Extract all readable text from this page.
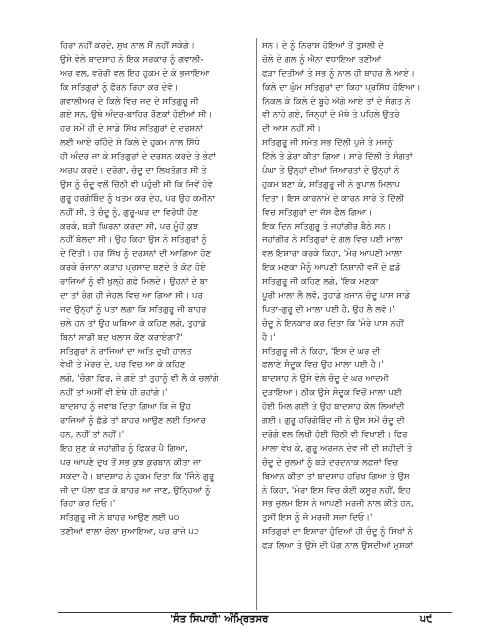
ਹਿਰਾ ਨਹੀਂ ਕਰਦੇ, ਸੁਖ ਨਾਲ ਸੌਂ ਨਹੀਂ ਸਕੇਗੇ।
ਉਸੇ ਵੇਲੇ ਬਾਦਸ਼ਾਹ ਨੇ ਇਕ ਸਰਕਾਰ ਨੂੰ ਗਵਾਲੀ-
ਅਰ ਵਲ, ਵਰੋਰੀ ਵਲ ਇਹ ਹੁਕਮ ਦੇ ਕੇ ਭਜਾਇਆ
ਕਿ ਸਤਿਗੁਰਾਂ ਨੂੰ ਫੌਰਨ ਰਿਹਾ ਕਰ ਦੇਵੋ।
ਗਵਾਲੀਅਰ ਦੇ ਕਿਲੇ ਵਿਚ ਜਦ ਦੇ ਸਤਿਗੁਰੂ ਜੀ
ਗਏ ਸਨ, ਉਥੇ ਅੰਦਰ-ਬਾਹਿਰ ਰੌਣਕਾਂ ਹੋਈਆਂ ਸੀ।
ਹਰ ਸਮੇਂ ਹੀ ਦੇ ਸਾਡੇ ਸਿੱਖ ਸਤਿਗੁਰਾਂ ਦੇ ਦਰਸ਼ਨਾਂ
ਲਈ ਆਏ ਰਹਿੰਦੇ ਸੇ ਕਿਲੇ ਦੇ ਹੁਕਮ ਨਾਲ ਸਿੱਧੇ
ਹੀ ਅੰਦਰ ਜਾ ਕੇ ਸਤਿਗੁਰਾਂ ਦੇ ਦਰਸ਼ਨ ਕਰਦੇ ਤੇ ਭੇਟਾਂ
ਅਰਪ ਕਰਦੇ। ਦਰੋਗਾ, ਚੰਦੂ ਦਾ ਲਿਖਤੋਗਤ ਸੀ ਤੇ
ਉਸ ਨੂੰ ਚੰਦੂ ਵਲੋਂ ਚਿੱਠੀ ਵੀ ਪਹੁੰਚੀ ਸੀ ਕਿ ਜਿਵੇਂ ਹੋਵੇ
ਗੁਰੂ ਹਰਗੋਬਿੰਦ ਨੂੰ ਖ਼ਤਮ ਕਰ ਦੇਹ, ਪਰ ਉਹ ਕਮੀਨਾ
ਨਹੀਂ ਸੀ, ਤੇ ਚੰਦੂ ਨੂੰ, ਗੁਰੂ-ਘਰ ਦਾ ਵਿਰੋਧੀ ਹੋਣ
ਕਰਕੇ, ਬੜੀ ਘਿਰਨਾ ਕਰਦਾ ਸੀ, ਪਰ ਮੂੰਹੋਂ ਕੁਝ
ਨਹੀਂ ਬੋਲਦਾ ਸੀ। ਉਹ ਕਿਹਾ ਉਸ ਨੇ ਸਤਿਗੁਰਾਂ ਨੂੰ
ਦੇ ਦਿੱਤੀ। ਹਰ ਸਿੱਖ ਨੂੰ ਦਰਸ਼ਨਾਂ ਦੀ ਆਗਿਆ ਹੋਣ
ਕਰਕੇ ਰੋਜ਼ਾਨਾ ਕੜਾਹ ਪ੍ਰਸਾਦ ਬਣਦੇ ਤੇ ਕੋਟ ਹੋਏ
ਰਾਜਿਆਂ ਨੂੰ ਵੀ ਖੁਲ੍ਹੇ ਗਫੇ ਮਿਲਦੇ। ਉਹਨਾਂ ਦੇ ਬਾ
ਦਾ ਤਾਂ ਰੰਗ ਹੀ ਜੇਹਲ ਵਿਚ ਆ ਗਿਆ ਸੀ। ਪਰ
ਜਦ ਉਨ੍ਹਾਂ ਨੂੰ ਪਤਾ ਲਗਾ ਕਿ ਸਤਿਗੁਰੂ ਜੀ ਬਾਹਰ
ਚਲੇ ਹਨ ਤਾਂ ਉਹ ਘਬਿਆ ਕੇ ਕਹਿਣ ਲਗੇ, ਤੁਹਾਡੇ
ਬਿਨਾਂ ਸਾਡੀ ਬਦ ਖਲਾਸ ਕੌਣ ਕਰਾਏਗਾ?'
ਸਤਿਗੁਰਾਂ ਨੇ ਰਾਜਿਆਂ ਦਾ ਅਤਿ ਦੁਖੀ ਹਾਲਤ
ਵੇਖੀ ਤੇ ਮੇਰਚ ਦੇ, ਪਰ ਵਿਚ ਆ ਕੇ ਕਹਿਣ
ਲਗੇ, 'ਚੰਗਾ ਫਿਰ, ਜੇ ਗਏ ਤਾਂ ਤੁਹਾਨੂੰ ਵੀ ਲੈ ਕੇ ਚਲਾਂਗੇ
ਨਹੀਂ ਤਾਂ ਅਸੀਂ ਵੀ ਏਥੇ ਹੀ ਰਹਾਂਗੇ।'
ਬਾਦਸ਼ਾਹ ਨੂੰ ਜਵਾਬ ਦਿਤਾ ਗਿਆ ਕਿ ਜੇ ਉਹ
ਰਾਜਿਆਂ ਨੂੰ ਛੱਡੇ ਤਾਂ ਬਾਹਰ ਆਉਣ ਲਈ ਤਿਆਰ
ਹਨ, ਨਹੀਂ ਤਾਂ ਨਹੀਂ।'
ਇਹ ਸੁਣ ਕੇ ਜਹਾਂਗੀਰ ਨੂੰ ਫਿਕਰ ਪੈ ਗਿਆ,
ਪਰ ਆਪਣੇ ਦੁਖ ਤੋਂ ਸਭ ਕੁਝ ਕੁਰਬਾਨ ਕੀਤਾ ਜਾ
ਸਕਦਾ ਹੈ। ਬਾਦਸ਼ਾਹ ਨੇ ਹੁਕਮ ਦਿਤਾ ਕਿ 'ਜਿੰਨੇ ਗੁਰੂ
ਜੀ ਦਾ ਪੱਲਾ ਫੜ ਕੇ ਬਾਹਰ ਆ ਜਾਣ, ਉਨ੍ਹਿਆਂ ਨੂੰ
ਰਿਹਾ ਕਰ ਦਿਓ।'
ਸਤਿਗੁਰੂ ਜੀ ਨੇ ਬਾਹਰ ਆਉਣ ਲਈ ੫੦
ਤਣੀਆਂ ਵਾਲਾ ਚੋਲਾ ਸੁਆਇਆ, ਪਰ ਰਾਜੇ ੫੨
ਸਨ। ਦੇ ਨੂੰ ਨਿਰਾਸ਼ ਹੋਇਆਂ ਤੋਂ ਤੁਸਲੀ ਦੇ
ਚੋਲੇ ਦੇ ਗਲ ਨੂੰ ਐਨਾ ਵਧਾਇਆ ਤਣੀਆਂ
ਫੜਾ ਦਿਤੀਆਂ ਤੇ ਸਭ ਨੂੰ ਨਾਲ ਹੀ ਬਾਹਰ ਲੈ ਆਏ।
ਕਿਲੇ ਦਾ ਘੁੰਮ ਸਤਿਗੁਰਾਂ ਦਾ ਕਿਹਾ ਪ੍ਰਸਿੱਧ ਹੋਇਆ।
ਨਿਕਲ ਕੇ ਕਿਲੇ ਦੇ ਬੂਹੇ ਅੱਗੇ ਆਏ ਤਾਂ ਦੇ ਸੰਗਤ ਨੇ
ਵੀ ਨਾਹੇ ਗਏ, ਜਿਨ੍ਹਾਂ ਦੇ ਮੱਥੇ ਤੇ ਪਹਿਲੇ ਉਤਰੇ
ਦੀ ਆਸ ਨਹੀਂ ਸੀ।
ਸਤਿਗੁਰੂ ਜੀ ਸਮੇਤ ਸਭ ਦਿੱਲੀ ਪੁਜੇ ਤੇ ਮਜਨੂੰ
ਟਿੱਲੇ ਤੇ ਡੇਰਾ ਕੀਤਾ ਗਿਆ। ਸਾਰੇ ਦਿੱਲੀ ਤੇ ਸੰਗਤਾਂ
ਪੰਘਾ ਤੇ ਉਨ੍ਹਾਂ ਦੀਆਂ ਜਿਆਰਤਾਂ ਦੇ ਉਨ੍ਹਾਂ ਨੇ
ਹੁਕਮ ਬਣਾ ਕੇ, ਸਤਿਗੁਰੂ ਜੀ ਨੇ ਭੁਪਾਲ ਮਿਲਾਪ
ਦਿਤਾ। ਇਸ ਕਾਰਨਾਮੇ ਦੇ ਕਾਰਨ ਸਾਰੇ ਤੇ ਦਿੱਲੀ
ਵਿਚ ਸਤਿਗੁਰਾਂ ਦਾ ਜੱਸ ਫੈਲ ਗਿਆ।
ਇਕ ਦਿਨ ਸਤਿਗੁਰੂ ਤੇ ਜਹਾਂਗੀਰ ਬੈਠੇ ਸਨ।
ਜਹਾਂਗੀਰ ਨੇ ਸਤਿਗੁਰਾਂ ਦੇ ਗਲ ਵਿਚ ਪਈ ਮਾਲਾ
ਵਲ ਇਸ਼ਾਰਾ ਕਰਕੇ ਕਿਹਾ, 'ਮੇਰ ਆਪਣੀ ਮਾਲਾ
ਇਕ ਮਣਕਾ ਮੈਨੂੰ ਆਪਣੀ ਨਿਸ਼ਾਨੀ ਵਜੋਂ ਦੇ ਛਡੋ
ਸਤਿਗੁਰੂ ਜੀ ਕਹਿਣ ਲਗੇ, 'ਇਕ ਮਣਕਾ
ਪੂਰੀ ਮਾਲਾ ਲੈ ਲਵੋ, ਤੁਹਾਡੇ ਖ਼ਜਾਨ ਚੰਦੂ ਪਾਸ ਸਾਡੇ
ਪਿਤਾ-ਗੁਰੂ ਦੀ ਮਾਲਾ ਪਈ ਹੈ, ਉਹ ਲੈ ਲਵੋ।'
ਚੰਦੂ ਨੇ ਇਨਕਾਰ ਕਰ ਦਿਤਾ ਕਿ 'ਮੇਰੇ ਪਾਸ ਨਹੀਂ
ਹੈ।'
ਸਤਿਗੁਰੂ ਜੀ ਨੇ ਕਿਹਾ, 'ਇਸ ਦੇ ਘਰ ਦੀ
ਫਲਾਣੇ ਸੰਦੂਕ ਵਿਚ ਉਹ ਮਾਲਾ ਪਈ ਹੈ।'
ਬਾਦਸ਼ਾਹ ਨੇ ਉਸੇ ਵੇਲੇ ਚੰਦੂ ਦੇ ਘਰ ਆਦਮੀ
ਦੁੜਾਇਆ। ਠੀਕ ਉਸੇ ਸੰਦੂਕ ਵਿਚੋਂ ਮਾਲਾ ਪਈ
ਹੋਈ ਮਿਲ ਗਈ ਤੇ ਉਹ ਬਾਦਸ਼ਾਹ ਕੋਲ ਲਿਆਂਦੀ
ਗਈ। ਗੁਰੂ ਹਰਿਗੋਬਿੰਦ ਜੀ ਨੇ ਉਸ ਸਮੇਂ ਚੰਦੂ ਦੀ
ਦਰੋਗੇ ਵਲ ਲਿਖੀ ਹੋਈ ਚਿੱਠੀ ਵੀ ਵਿਖਾਈ। ਫਿਰ
ਮਾਲਾ ਵੇਖ ਕੇ, ਗੁਰੂ ਅਰਜਨ ਦੇਵ ਜੀ ਦੀ ਸ਼ਹੀਦੀ ਤੇ
ਚੰਦੂ ਦੇ ਜ਼ੁਲਮਾਂ ਨੂੰ ਬੜੇ ਦਰਦਨਾਕ ਲਫ਼ਜ਼ਾਂ ਵਿਚ
ਬਿਆਨ ਕੀਤਾ ਤਾਂ ਬਾਦਸ਼ਾਹ ਹਰਿਖ ਗਿਆ ਤੇ ਉਸ
ਨੇ ਕਿਹਾ, 'ਮੇਰਾ ਇਸ ਵਿਚ ਕੋਈ ਕਸੂਰ ਨਹੀਂ, ਇਹ
ਸਭ ਜ਼ੁਲਮ ਇਸ ਨੇ ਆਪਣੀ ਮਰਜ਼ੀ ਨਾਲ ਕੀਤੇ ਹਨ,
ਤੁਸੀਂ ਇਸ ਨੂੰ ਜੋ ਮਰਜ਼ੀ ਸਜ਼ਾ ਦਿਓ।'
ਸਤਿਗੁਰਾਂ ਦਾ ਇਸ਼ਾਰਾ ਹੁੰਦਿਆਂ ਹੀ ਚੰਦੂ ਨੂੰ ਸਿਖਾਂ ਨੇ
ਫੜ ਲਿਆ ਤੇ ਉਸੇ ਦੀ ਪੱਗ ਨਾਲ ਉਸਦੀਆਂ ਮੁਸ਼ਕਾਂ
'ਸੰਤ ਸਿਪਾਹੀ' ਅੰਮ੍ਰਿਤਸਰ	੫੯
